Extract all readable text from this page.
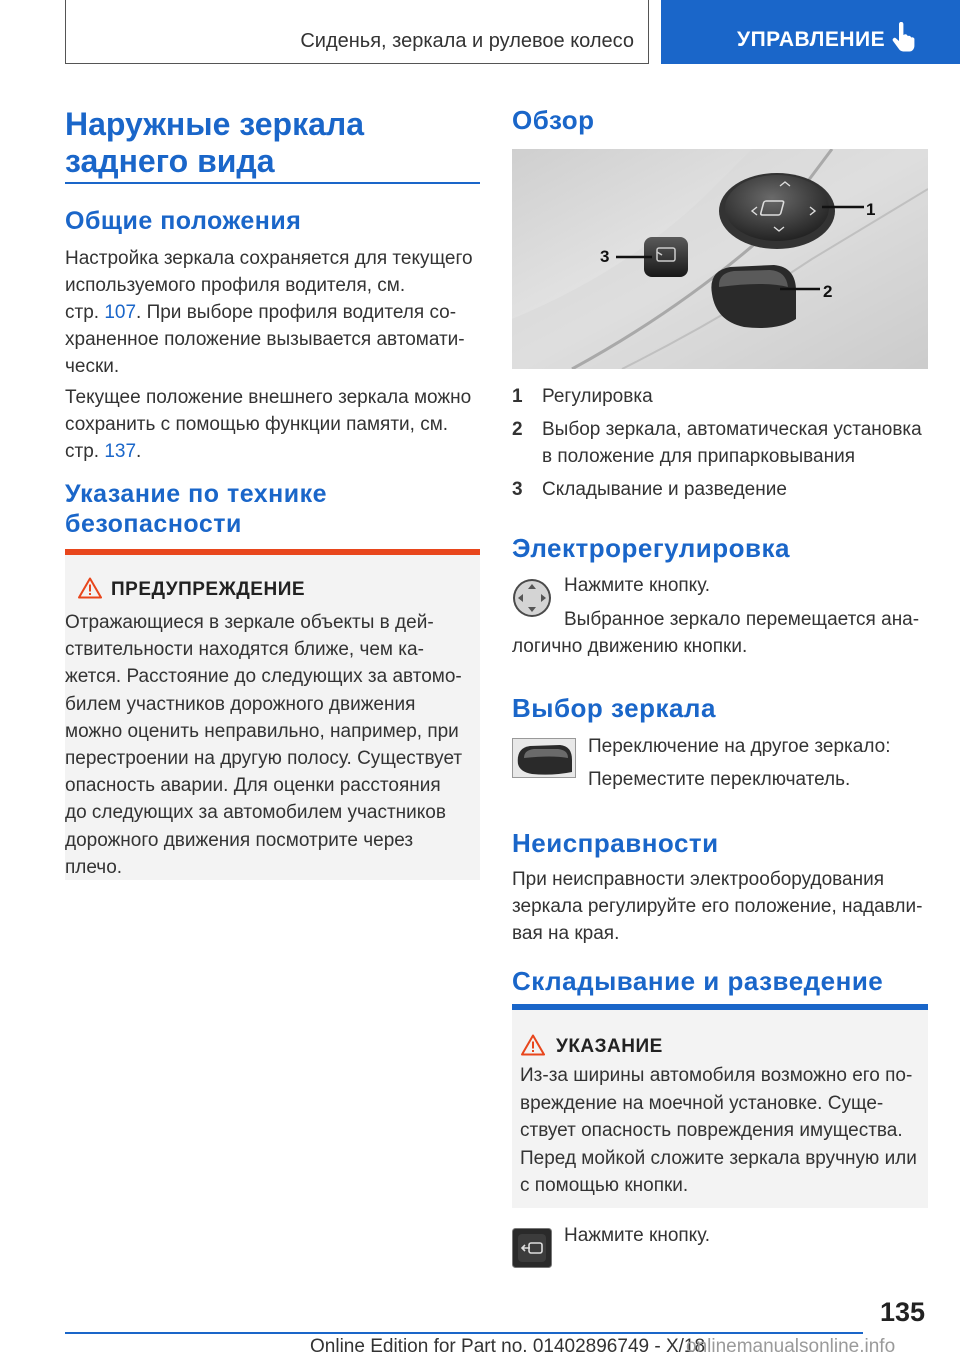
Сиденья, зеркала и рулевое колесо	УПРАВЛЕНИЕ
Наружные зеркала
заднего вида
Общие положения

Настройка зеркала сохраняется для текущего

используемого профиля водителя, см.

стр. 107. При выборе профиля водителя со-

храненное положение вызывается автомати-

чески.

Текущее положение внешнего зеркала можно

сохранить с помощью функции памяти, см.

стр. 137.

Указание по технике
безопасности
ПРЕДУПРЕЖДЕНИЕ

Отражающиеся в зеркале объекты в дей-

ствительности находятся ближе, чем ка-

жется. Расстояние до следующих за автомо-

билем участников дорожного движения

можно оценить неправильно, например, при

перестроении на другую полосу. Существует

опасность аварии. Для оценки расстояния

до следующих за автомобилем участников

дорожного движения посмотрите через

плечо.

Обзор
1
2
3
1 Регулировка
2 Выбор зеркала, автоматическая установка
в положение для припарковывания
3 Складывание и разведение
Электрорегулировка

Нажмите кнопку.

Выбранное зеркало перемещается ана-

логично движению кнопки.

Выбор зеркала

Переключение на другое зеркало:

Переместите переключатель.

Неисправности

При неисправности электрооборудования

зеркала регулируйте его положение, надавли-

вая на края.

Складывание и разведение
УКАЗАНИЕ

Из-за ширины автомобиля возможно его по-

вреждение на моечной установке. Суще-

ствует опасность повреждения имущества.

Перед мойкой сложите зеркала вручную или

с помощью кнопки.

Нажмите кнопку.

135
Online Edition for Part no. 01402896749 - X/18
onlinemanualsonline.info
